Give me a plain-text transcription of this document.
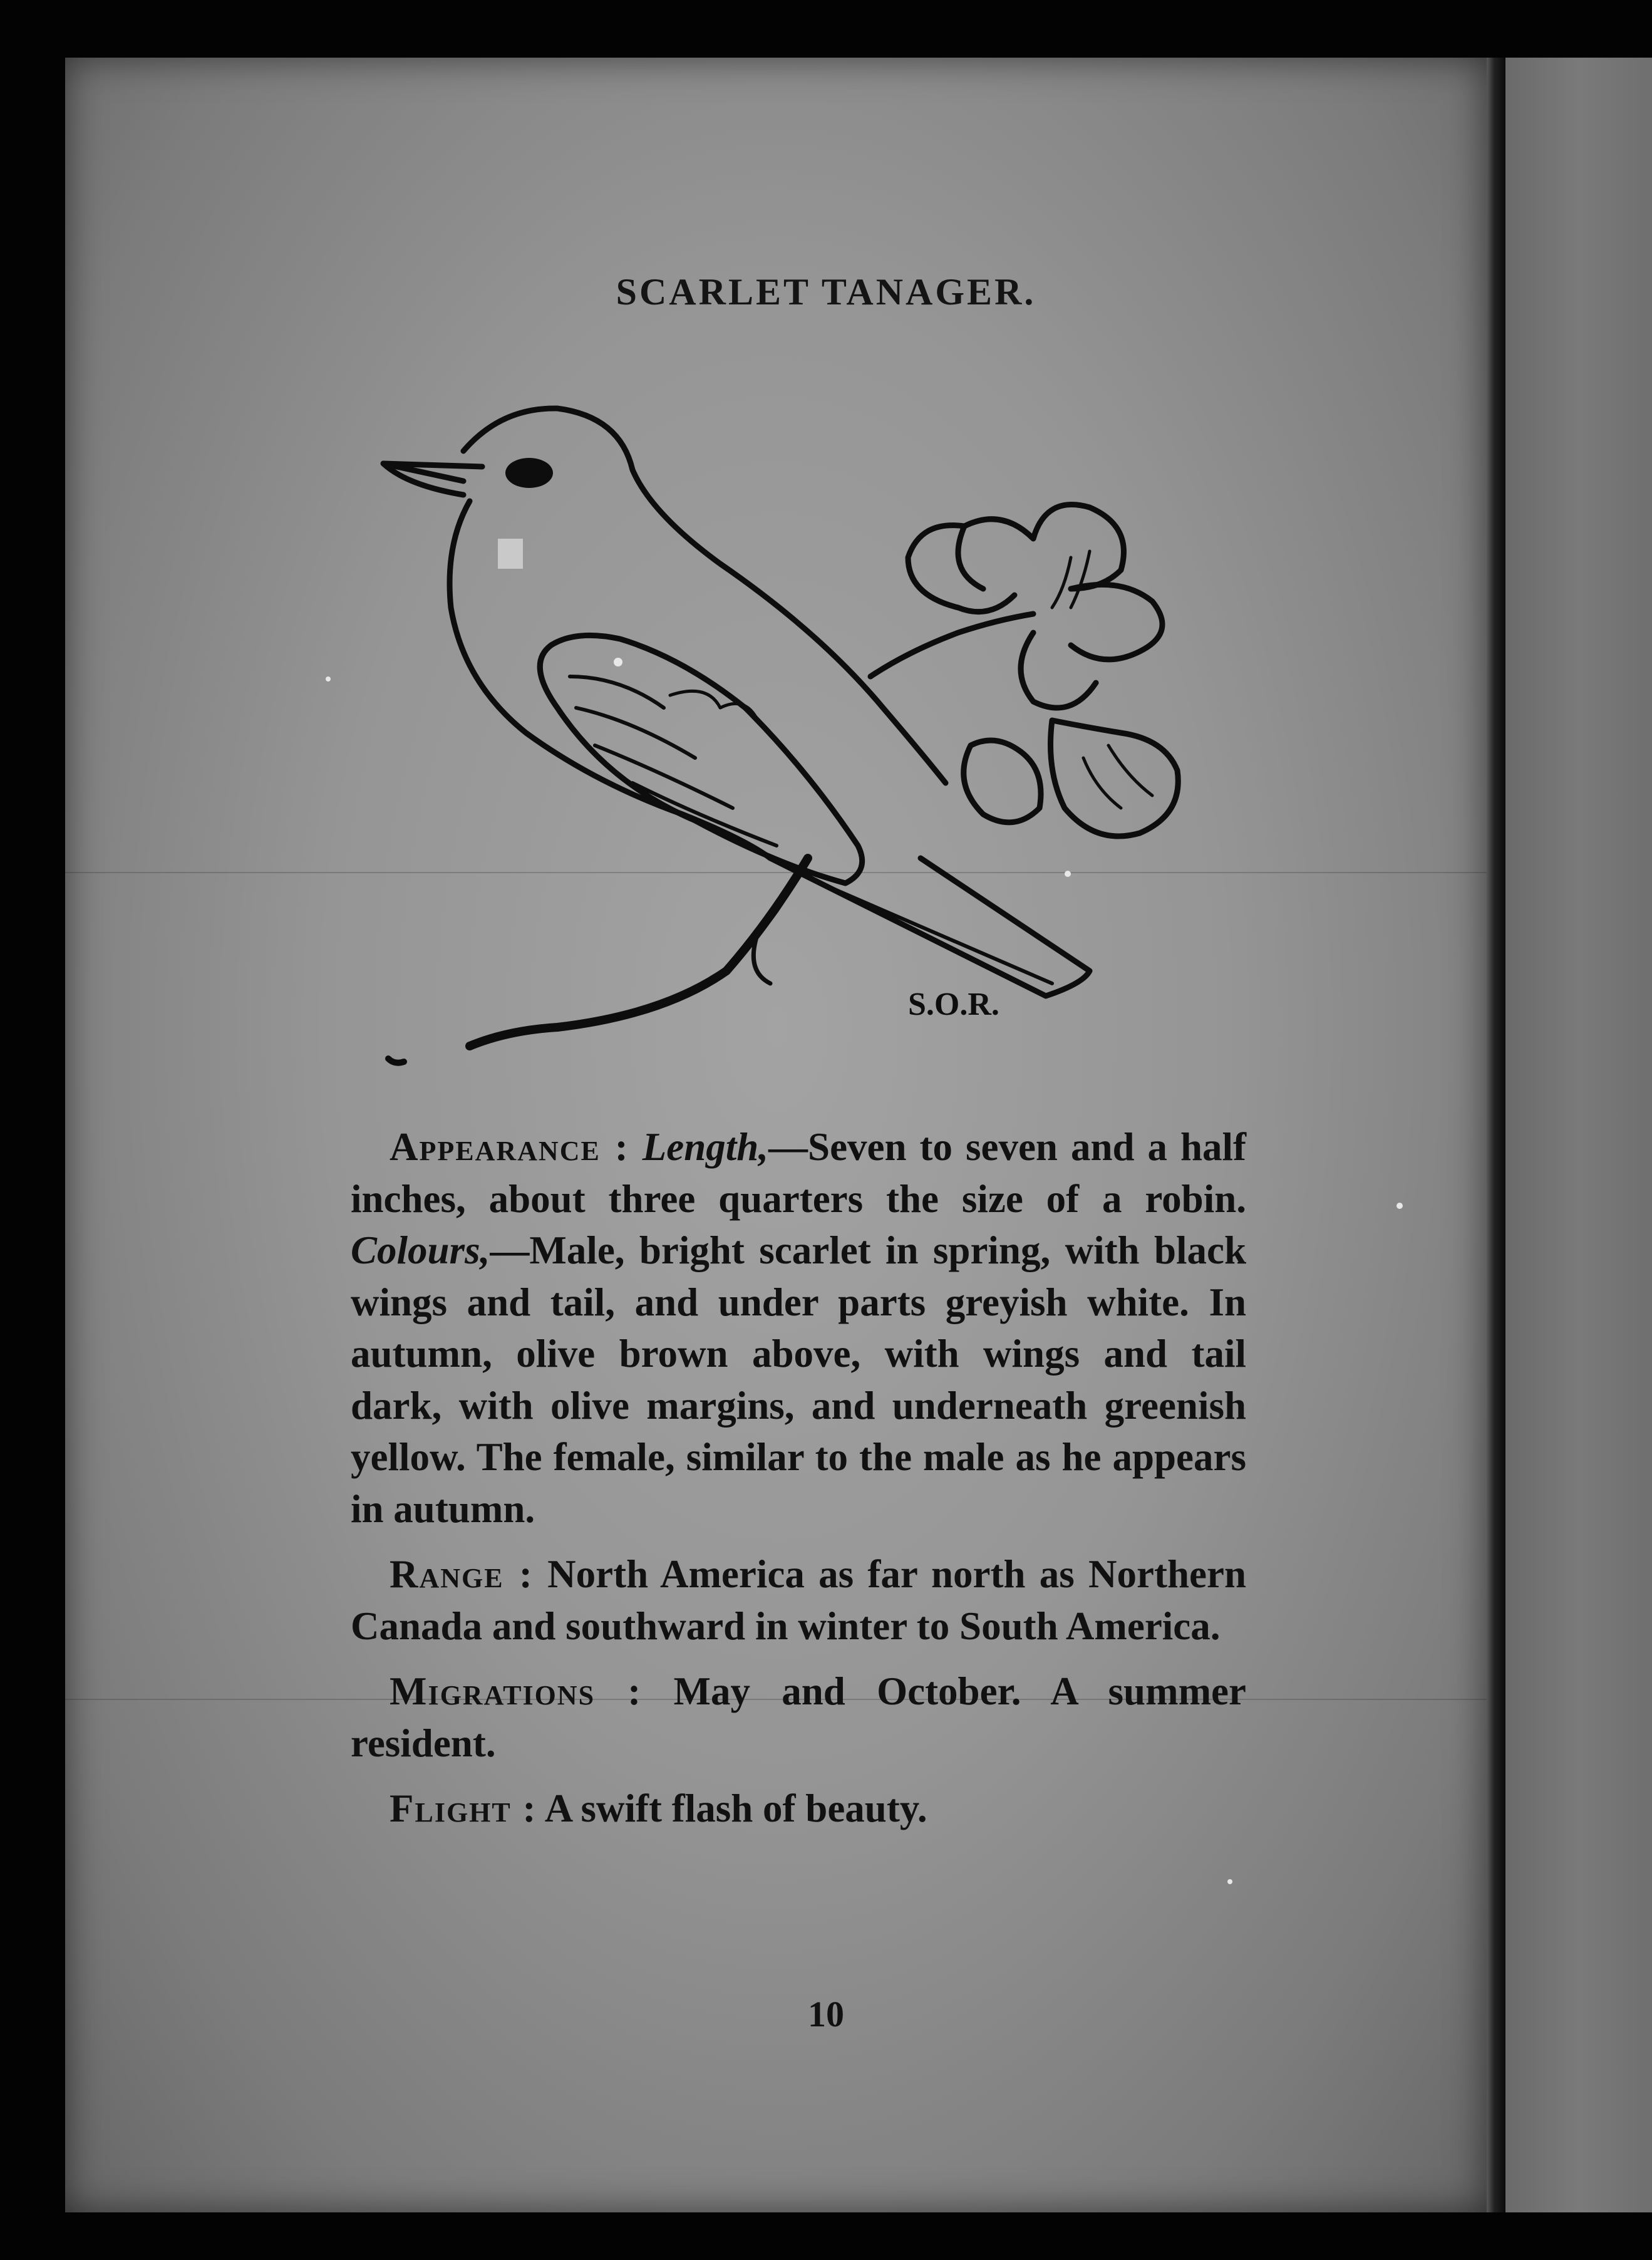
SCARLET TANAGER.
S.O.R.

Appearance : Length,—Seven to seven and a half inches, about three quarters the size of a robin. Colours,—Male, bright scarlet in spring, with black wings and tail, and under parts greyish white. In autumn, olive brown above, with wings and tail dark, with olive margins, and underneath greenish yellow. The female, similar to the male as he appears in autumn.

Range : North America as far north as Northern Canada and southward in winter to South America.

Migrations : May and October. A summer resident.

Flight : A swift flash of beauty.

10
